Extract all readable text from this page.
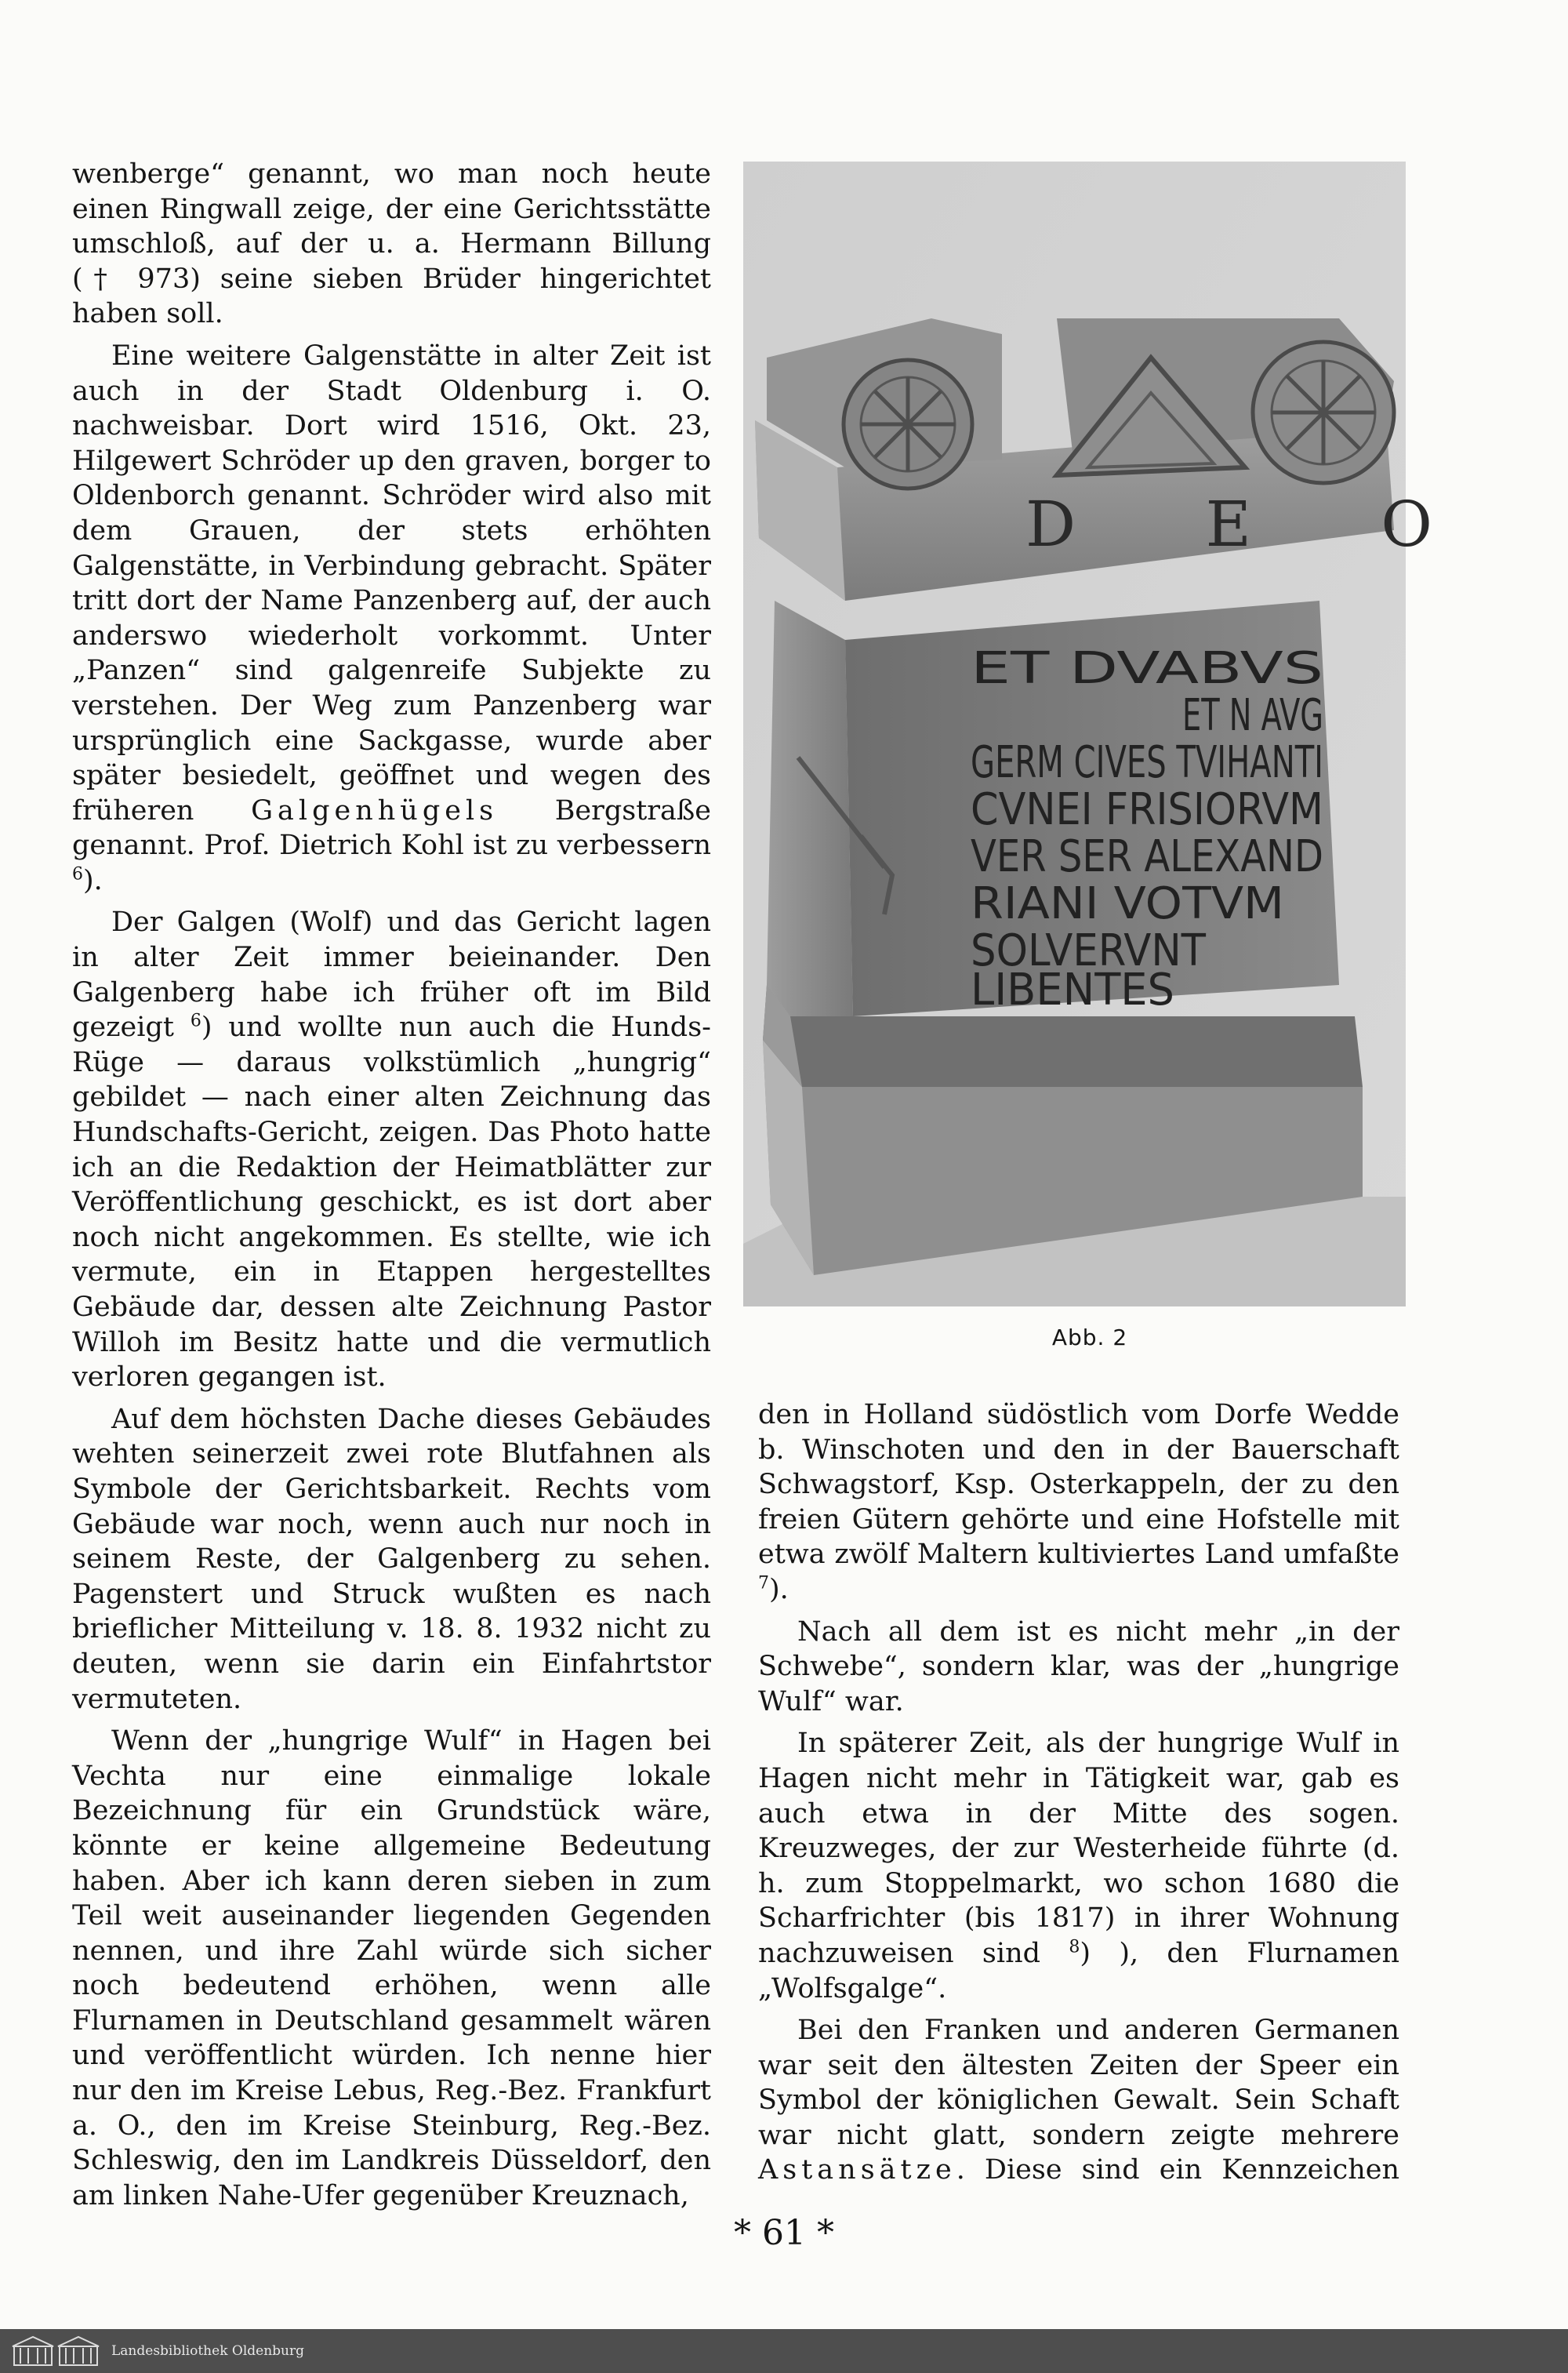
wenberge“ genannt, wo man noch heute
einen Ringwall zeige, der eine Gerichtsstätte
umschloß, auf der u. a. Hermann Billung
(† 973) seine sieben Brüder hingerichtet
haben soll.

Eine weitere Galgenstätte in alter Zeit ist auch in der Stadt Oldenburg i. O. nachweisbar. Dort wird 1516, Okt. 23, Hilgewert Schröder up den graven, borger to Oldenborch genannt. Schröder wird also mit dem Grauen, der stets erhöhten Galgenstätte, in Verbindung gebracht. Später tritt dort der Name Panzenberg auf, der auch anderswo wiederholt vorkommt. Unter „Panzen“ sind galgenreife Subjekte zu verstehen. Der Weg zum Panzenberg war ursprünglich eine Sackgasse, wurde aber später besiedelt, geöffnet und wegen des früheren Galgenhügels Bergstraße genannt. Prof. Dietrich Kohl ist zu verbessern $^6$).

Der Galgen (Wolf) und das Gericht lagen in alter Zeit immer beieinander. Den Galgenberg habe ich früher oft im Bild gezeigt $^6$) und wollte nun auch die Hunds-Rüge — daraus volkstümlich „hungrig“ gebildet — nach einer alten Zeichnung das Hundschafts-Gericht, zeigen. Das Photo hatte ich an die Redaktion der Heimatblätter zur Veröffentlichung geschickt, es ist dort aber noch nicht angekommen. Es stellte, wie ich vermute, ein in Etappen hergestelltes Gebäude dar, dessen alte Zeichnung Pastor Willoh im Besitz hatte und die vermutlich verloren gegangen ist.

Auf dem höchsten Dache dieses Gebäudes wehten seinerzeit zwei rote Blutfahnen als Symbole der Gerichtsbarkeit. Rechts vom Gebäude war noch, wenn auch nur noch in seinem Reste, der Galgenberg zu sehen. Pagenstert und Struck wußten es nach brieflicher Mitteilung v. 18. 8. 1932 nicht zu deuten, wenn sie darin ein Einfahrtstor vermuteten.

Wenn der „hungrige Wulf“ in Hagen bei Vechta nur eine einmalige lokale Bezeichnung für ein Grundstück wäre, könnte er keine allgemeine Bedeutung haben. Aber ich kann deren sieben in zum Teil weit auseinander liegenden Gegenden nennen, und ihre Zahl würde sich sicher noch bedeutend erhöhen, wenn alle Flurnamen in Deutschland gesammelt wären und veröffentlicht würden. Ich nenne hier nur den im Kreise Lebus, Reg.-Bez. Frankfurt a. O., den im Kreise Steinburg, Reg.-Bez. Schleswig, den im Landkreis Düsseldorf, den am linken Nahe-Ufer gegenüber Kreuznach,

D E O
ET DVABVS
ET N AVG
GERM CIVES TVIHANTI
CVNEI FRISIORVM
VER SER ALEXAND
RIANI VOTVM
SOLVERVNT
LIBENTES
Abb. 2

den in Holland südöstlich vom Dorfe Wedde b. Winschoten und den in der Bauerschaft Schwagstorf, Ksp. Osterkappeln, der zu den freien Gütern gehörte und eine Hofstelle mit etwa zwölf Maltern kultiviertes Land umfaßte $^7$).

Nach all dem ist es nicht mehr „in der Schwebe“, sondern klar, was der „hungrige Wulf“ war.

In späterer Zeit, als der hungrige Wulf in Hagen nicht mehr in Tätigkeit war, gab es auch etwa in der Mitte des sogen. Kreuzweges, der zur Westerheide führte (d. h. zum Stoppelmarkt, wo schon 1680 die Scharfrichter (bis 1817) in ihrer Wohnung nachzuweisen sind $^8$) ), den Flurnamen „Wolfsgalge“.

Bei den Franken und anderen Germanen war seit den ältesten Zeiten der Speer ein Symbol der königlichen Gewalt. Sein Schaft war nicht glatt, sondern zeigte mehrere Astansätze. Diese sind ein Kennzeichen

* 61 *
Landesbibliothek Oldenburg
